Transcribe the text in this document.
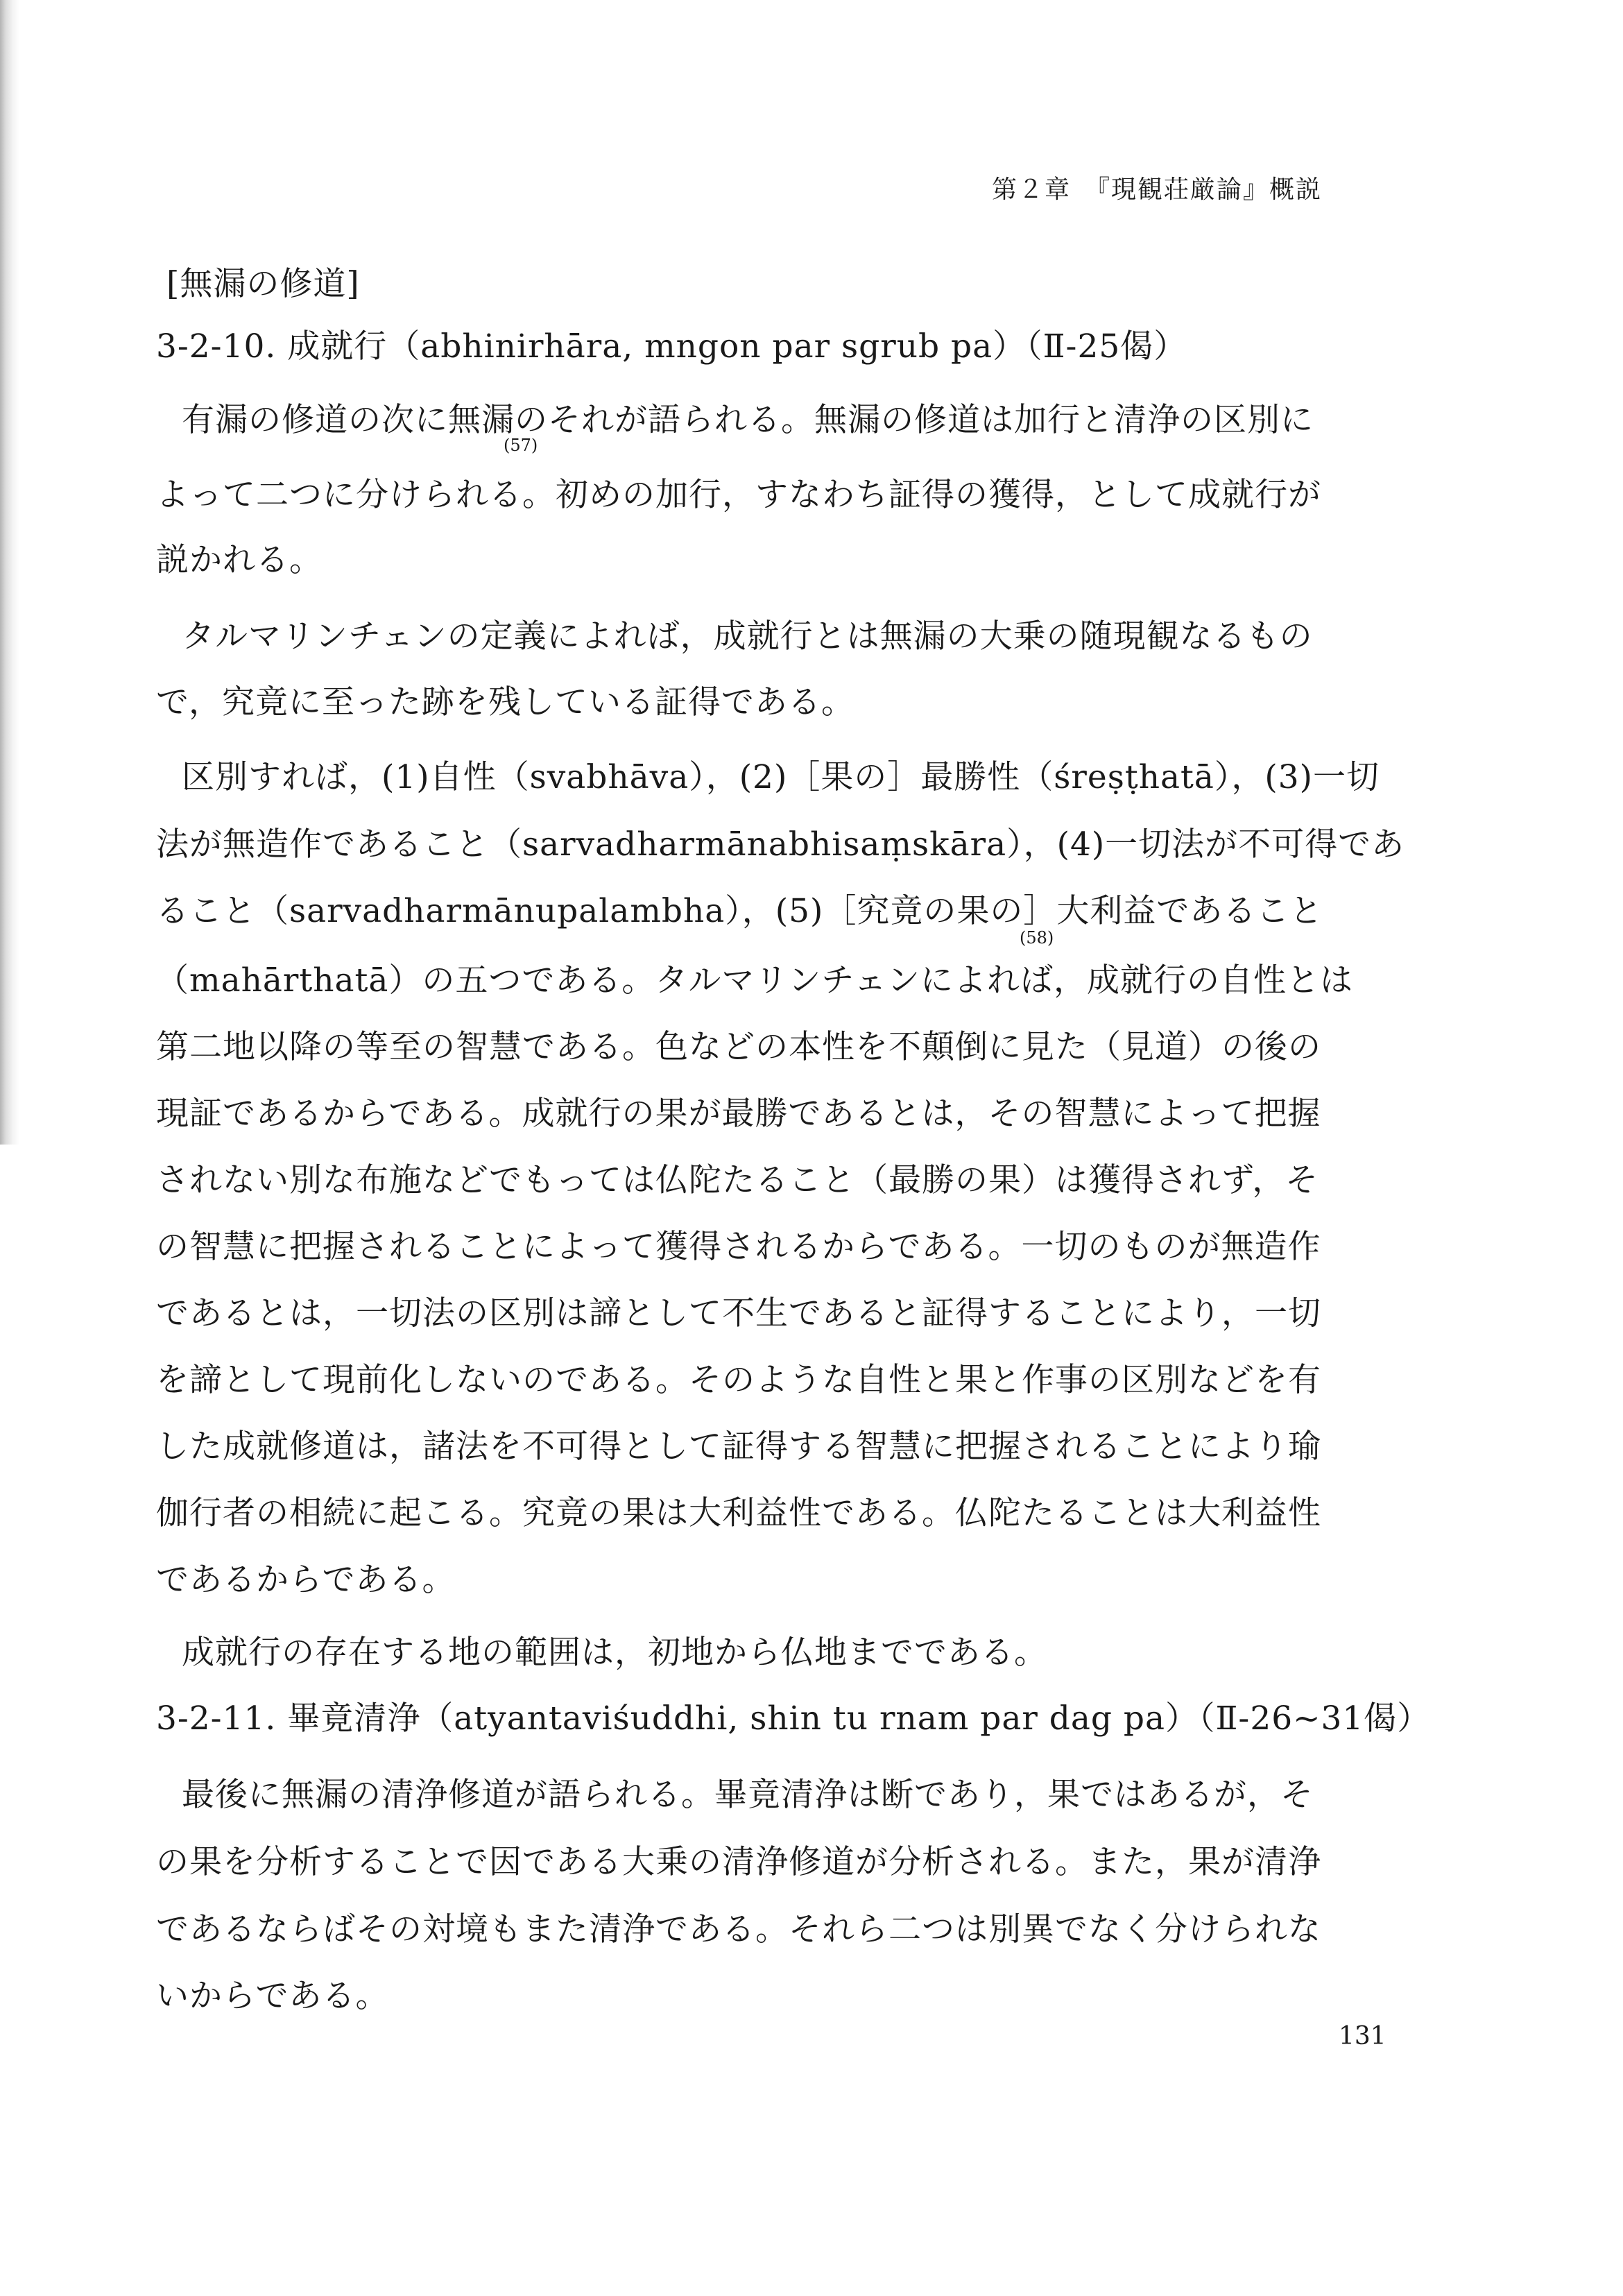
第２章　『現観荘厳論』概説
[無漏の修道]
3-2-10. 成就行（abhinirhāra, mngon par sgrub pa）（Ⅱ-25偈）
有漏の修道の次に無漏のそれが語られる。無漏の修道は加行と清浄の区別に
(57)
よって二つに分けられる。初めの加行，すなわち証得の獲得，として成就行が
説かれる。
タルマリンチェンの定義によれば，成就行とは無漏の大乗の随現観なるもの
で，究竟に至った跡を残している証得である。
区別すれば，(1)自性（svabhāva），(2)［果の］最勝性（śreṣṭhatā），(3)一切
法が無造作であること（sarvadharmānabhisaṃskāra），(4)一切法が不可得であ
ること（sarvadharmānupalambha），(5)［究竟の果の］大利益であること
(58)
（mahārthatā）の五つである。タルマリンチェンによれば，成就行の自性とは
第二地以降の等至の智慧である。色などの本性を不顛倒に見た（見道）の後の
現証であるからである。成就行の果が最勝であるとは，その智慧によって把握
されない別な布施などでもっては仏陀たること（最勝の果）は獲得されず，そ
の智慧に把握されることによって獲得されるからである。一切のものが無造作
であるとは，一切法の区別は諦として不生であると証得することにより，一切
を諦として現前化しないのである。そのような自性と果と作事の区別などを有
した成就修道は，諸法を不可得として証得する智慧に把握されることにより瑜
伽行者の相続に起こる。究竟の果は大利益性である。仏陀たることは大利益性
であるからである。
成就行の存在する地の範囲は，初地から仏地までである。
3-2-11. 畢竟清浄（atyantaviśuddhi, shin tu rnam par dag pa）（Ⅱ-26~31偈）
最後に無漏の清浄修道が語られる。畢竟清浄は断であり，果ではあるが，そ
の果を分析することで因である大乗の清浄修道が分析される。また，果が清浄
であるならばその対境もまた清浄である。それら二つは別異でなく分けられな
いからである。
131
